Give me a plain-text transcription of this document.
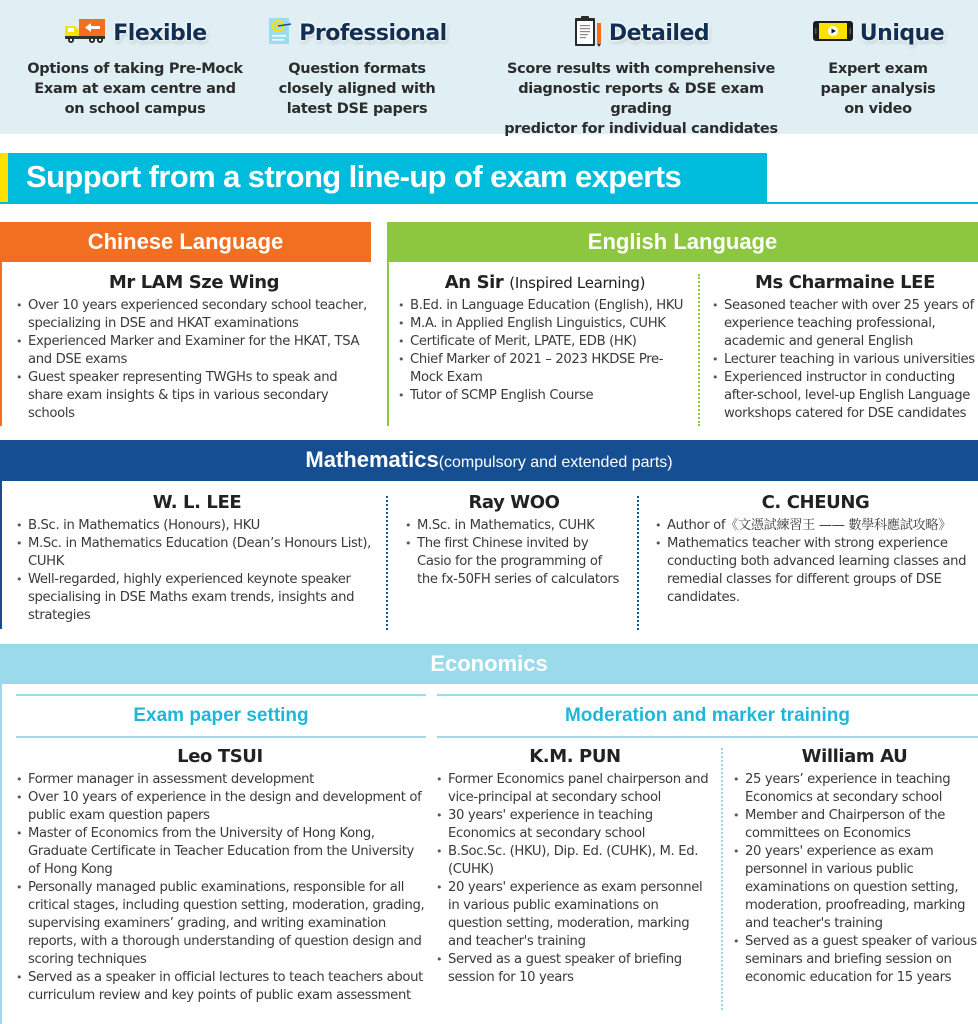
Flexible
Options of taking Pre-Mock
Exam at exam centre and
on school campus
Professional
Question formats
closely aligned with
latest DSE papers
Detailed
Score results with comprehensive
diagnostic reports & DSE exam grading
predictor for individual candidates
Unique
Expert exam
paper analysis
on video
Support from a strong line-up of exam experts
Chinese Language
Mr LAM Sze Wing
• Over 10 years experienced secondary school teacher, specializing in DSE and HKAT examinations
• Experienced Marker and Examiner for the HKAT, TSA and DSE exams
• Guest speaker representing TWGHs to speak and share exam insights & tips in various secondary schools
English Language
An Sir (Inspired Learning)
• B.Ed. in Language Education (English), HKU
• M.A. in Applied English Linguistics, CUHK
• Certificate of Merit, LPATE, EDB (HK)
• Chief Marker of 2021 – 2023 HKDSE Pre-Mock Exam
• Tutor of SCMP English Course
Ms Charmaine LEE
• Seasoned teacher with over 25 years of experience teaching professional, academic and general English
• Lecturer teaching in various universities
• Experienced instructor in conducting after-school, level-up English Language workshops catered for DSE candidates
Mathematics(compulsory and extended parts)
W. L. LEE
• B.Sc. in Mathematics (Honours), HKU
• M.Sc. in Mathematics Education (Dean’s Honours List), CUHK
• Well-regarded, highly experienced keynote speaker specialising in DSE Maths exam trends, insights and strategies
Ray WOO
• M.Sc. in Mathematics, CUHK
• The first Chinese invited by Casio for the programming of the fx-50FH series of calculators
C. CHEUNG
• Author of《文憑試練習王 —— 數學科應試攻略》
• Mathematics teacher with strong experience conducting both advanced learning classes and remedial classes for different groups of DSE candidates.
Economics
Exam paper setting	Moderation and marker training
Leo TSUI
• Former manager in assessment development
• Over 10 years of experience in the design and development of public exam question papers
• Master of Economics from the University of Hong Kong, Graduate Certificate in Teacher Education from the University of Hong Kong
• Personally managed public examinations, responsible for all critical stages, including question setting, moderation, grading, supervising examiners’ grading, and writing examination reports, with a thorough understanding of question design and scoring techniques
• Served as a speaker in official lectures to teach teachers about curriculum review and key points of public exam assessment
K.M. PUN
• Former Economics panel chairperson and vice-principal at secondary school
• 30 years' experience in teaching Economics at secondary school
• B.Soc.Sc. (HKU), Dip. Ed. (CUHK), M. Ed. (CUHK)
• 20 years' experience as exam personnel in various public examinations on question setting, moderation, marking and teacher's training
• Served as a guest speaker of briefing session for 10 years
William AU
• 25 years’ experience in teaching Economics at secondary school
• Member and Chairperson of the committees on Economics
• 20 years' experience as exam personnel in various public examinations on question setting, moderation, proofreading, marking and teacher's training
• Served as a guest speaker of various seminars and briefing session on economic education for 15 years
